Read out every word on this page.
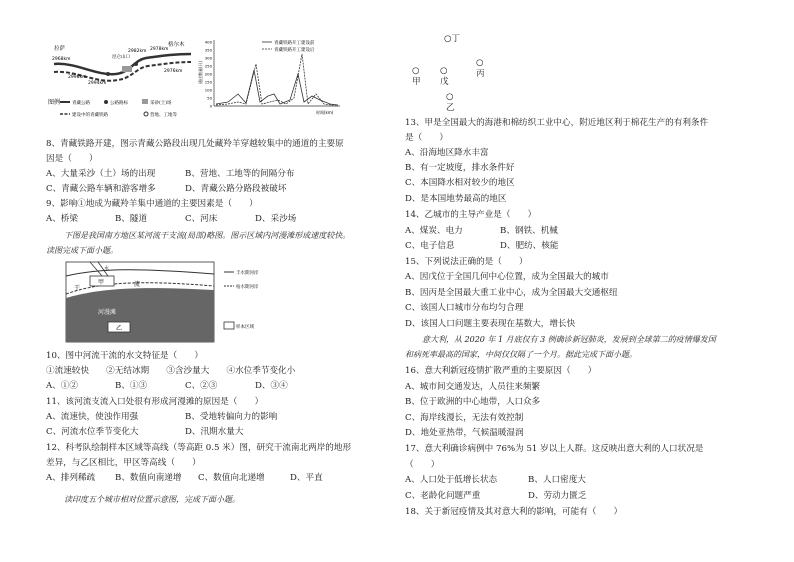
拉萨
格尔木
昆仑山口
2968km
2998km
2994km
2982km 2978km
2976km
图例	青藏公路	公路路标	采砂(土)场
建设中的青藏铁路	营地、工地等
0
50
100
150
200
250
300
350
400	青藏铁路开工建设前
青藏铁路开工建设后
通过数量(只)
时间(km)
○丁
○
戊
○
丙
○
甲
○
乙
8、青藏铁路开建，图示青藏公路段出现几处藏羚羊穿越较集中的通道的主要原
因是（　　）
A、大量采沙（土）场的出现	B、营地、工地等的间隔分布
C、青藏公路车辆和游客增多	D、青藏公路分路段被破坏
9、影响①地成为藏羚羊集中通道的主要因素是（　　）
A、桥梁	B、隧道	C、河床	D、采沙场
下图是我国南方地区某河流干支流(局部)略图。图示区域内河漫滩形成速度较快。
读图完成下面小题。
甲
干
流
水
河漫滩
乙
丰水期河岸
枯水期河岸
样本区域
10、图中河流干流的水文特征是（　　）
①流速较快　　②无结冰期　　③含沙量大　　④水位季节变化小
A、①②	B、①③	C、②③	D、③④
11、该河流支流入口处很有形成河漫滩的原因是（　　）
A、流速快，使浊作用强	B、受地转偏向力的影响
C、河流水位季节变化大	D、汛期水量大
12、科考队绘制样本区域等高线（等高距 0.5 米）图，研究干流南北两岸的地形
差异，与乙区相比，甲区等高线（　　）
A、排列稀疏 B、数值向南递增 C、数值向北递增	D、平直
读印度五个城市相对位置示意图，完成下面小题。
13、甲是全国最大的海港和棉纺织工业中心，附近地区利于棉花生产的有利条件
是（　　）
A、沿海地区降水丰富
B、有一定坡度，排水条件好
C、本国降水相对较少的地区
D、是本国地势最高的地区
14、乙城市的主导产业是（　　）
A、煤炭、电力	B、钢铁、机械
C、电子信息	D、肥纺、核能
15、下列说法正确的是（　　）
A、因戊位于全国几何中心位置，成为全国最大的城市
B、因丙是全国最大重工业中心，成为全国最大交通枢纽
C、该国人口城市分布均匀合理
D、该国人口问题主要表现在基数大，增长快
意大利，从 2020 年 1 月底仅有 3 例确诊新冠肺炎，发展到全球第二的疫情爆发国
和病死率最高的国家，中间仅仅隔了一个月。据此完成下面小题。
16、意大利新冠疫情扩散严重的主要原因（　　）
A、城市间交通发达，人员往来频繁
B、位于欧洲的中心地带，人口众多
C、海岸线漫长，无法有效控制
D、地处亚热带，气候温暖湿润
17、意大利确诊病例中 76%为 51 岁以上人群。这反映出意大利的人口状况是
（　　）
A、人口处于低增长状态	B、人口密度大
C、老龄化问题严重	D、劳动力匮乏
18、关于新冠疫情及其对意大利的影响，可能有（　　）
